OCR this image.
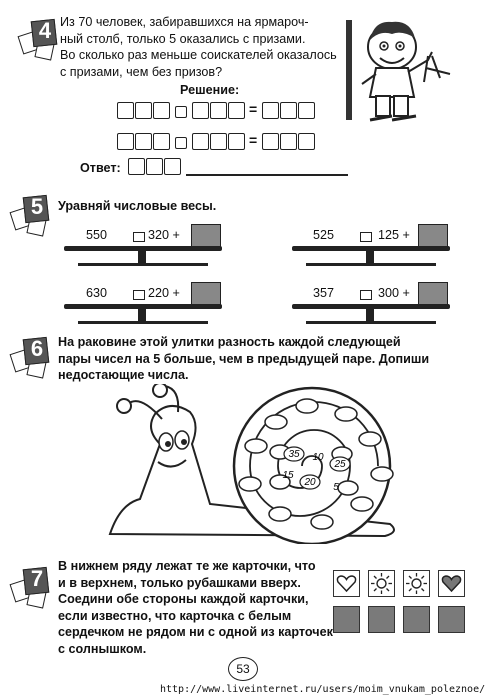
4 Из 70 человек, забиравшихся на ярмароч-
ный столб, только 5 оказались с призами.
Во сколько раз меньше соискателей оказалось
с призами, чем без призов?
Решение:
=
=
Ответ:
5	Уравняй числовые весы.
550	320 +	525	125 +
630	220 +	357	300 +
6	На раковине этой улитки разность каждой следующей
пары чисел на 5 больше, чем в предыдущей паре. Допиши
недостающие числа.
35 10
25
15
20 5
7	В нижнем ряду лежат те же карточки, что
и в верхнем, только рубашками вверх.
Соедини обе стороны каждой карточки,
если известно, что карточка с белым
сердечком не рядом ни с одной из карточек
с солнышком.
53
http://www.liveinternet.ru/users/moim_vnukam_poleznoe/
